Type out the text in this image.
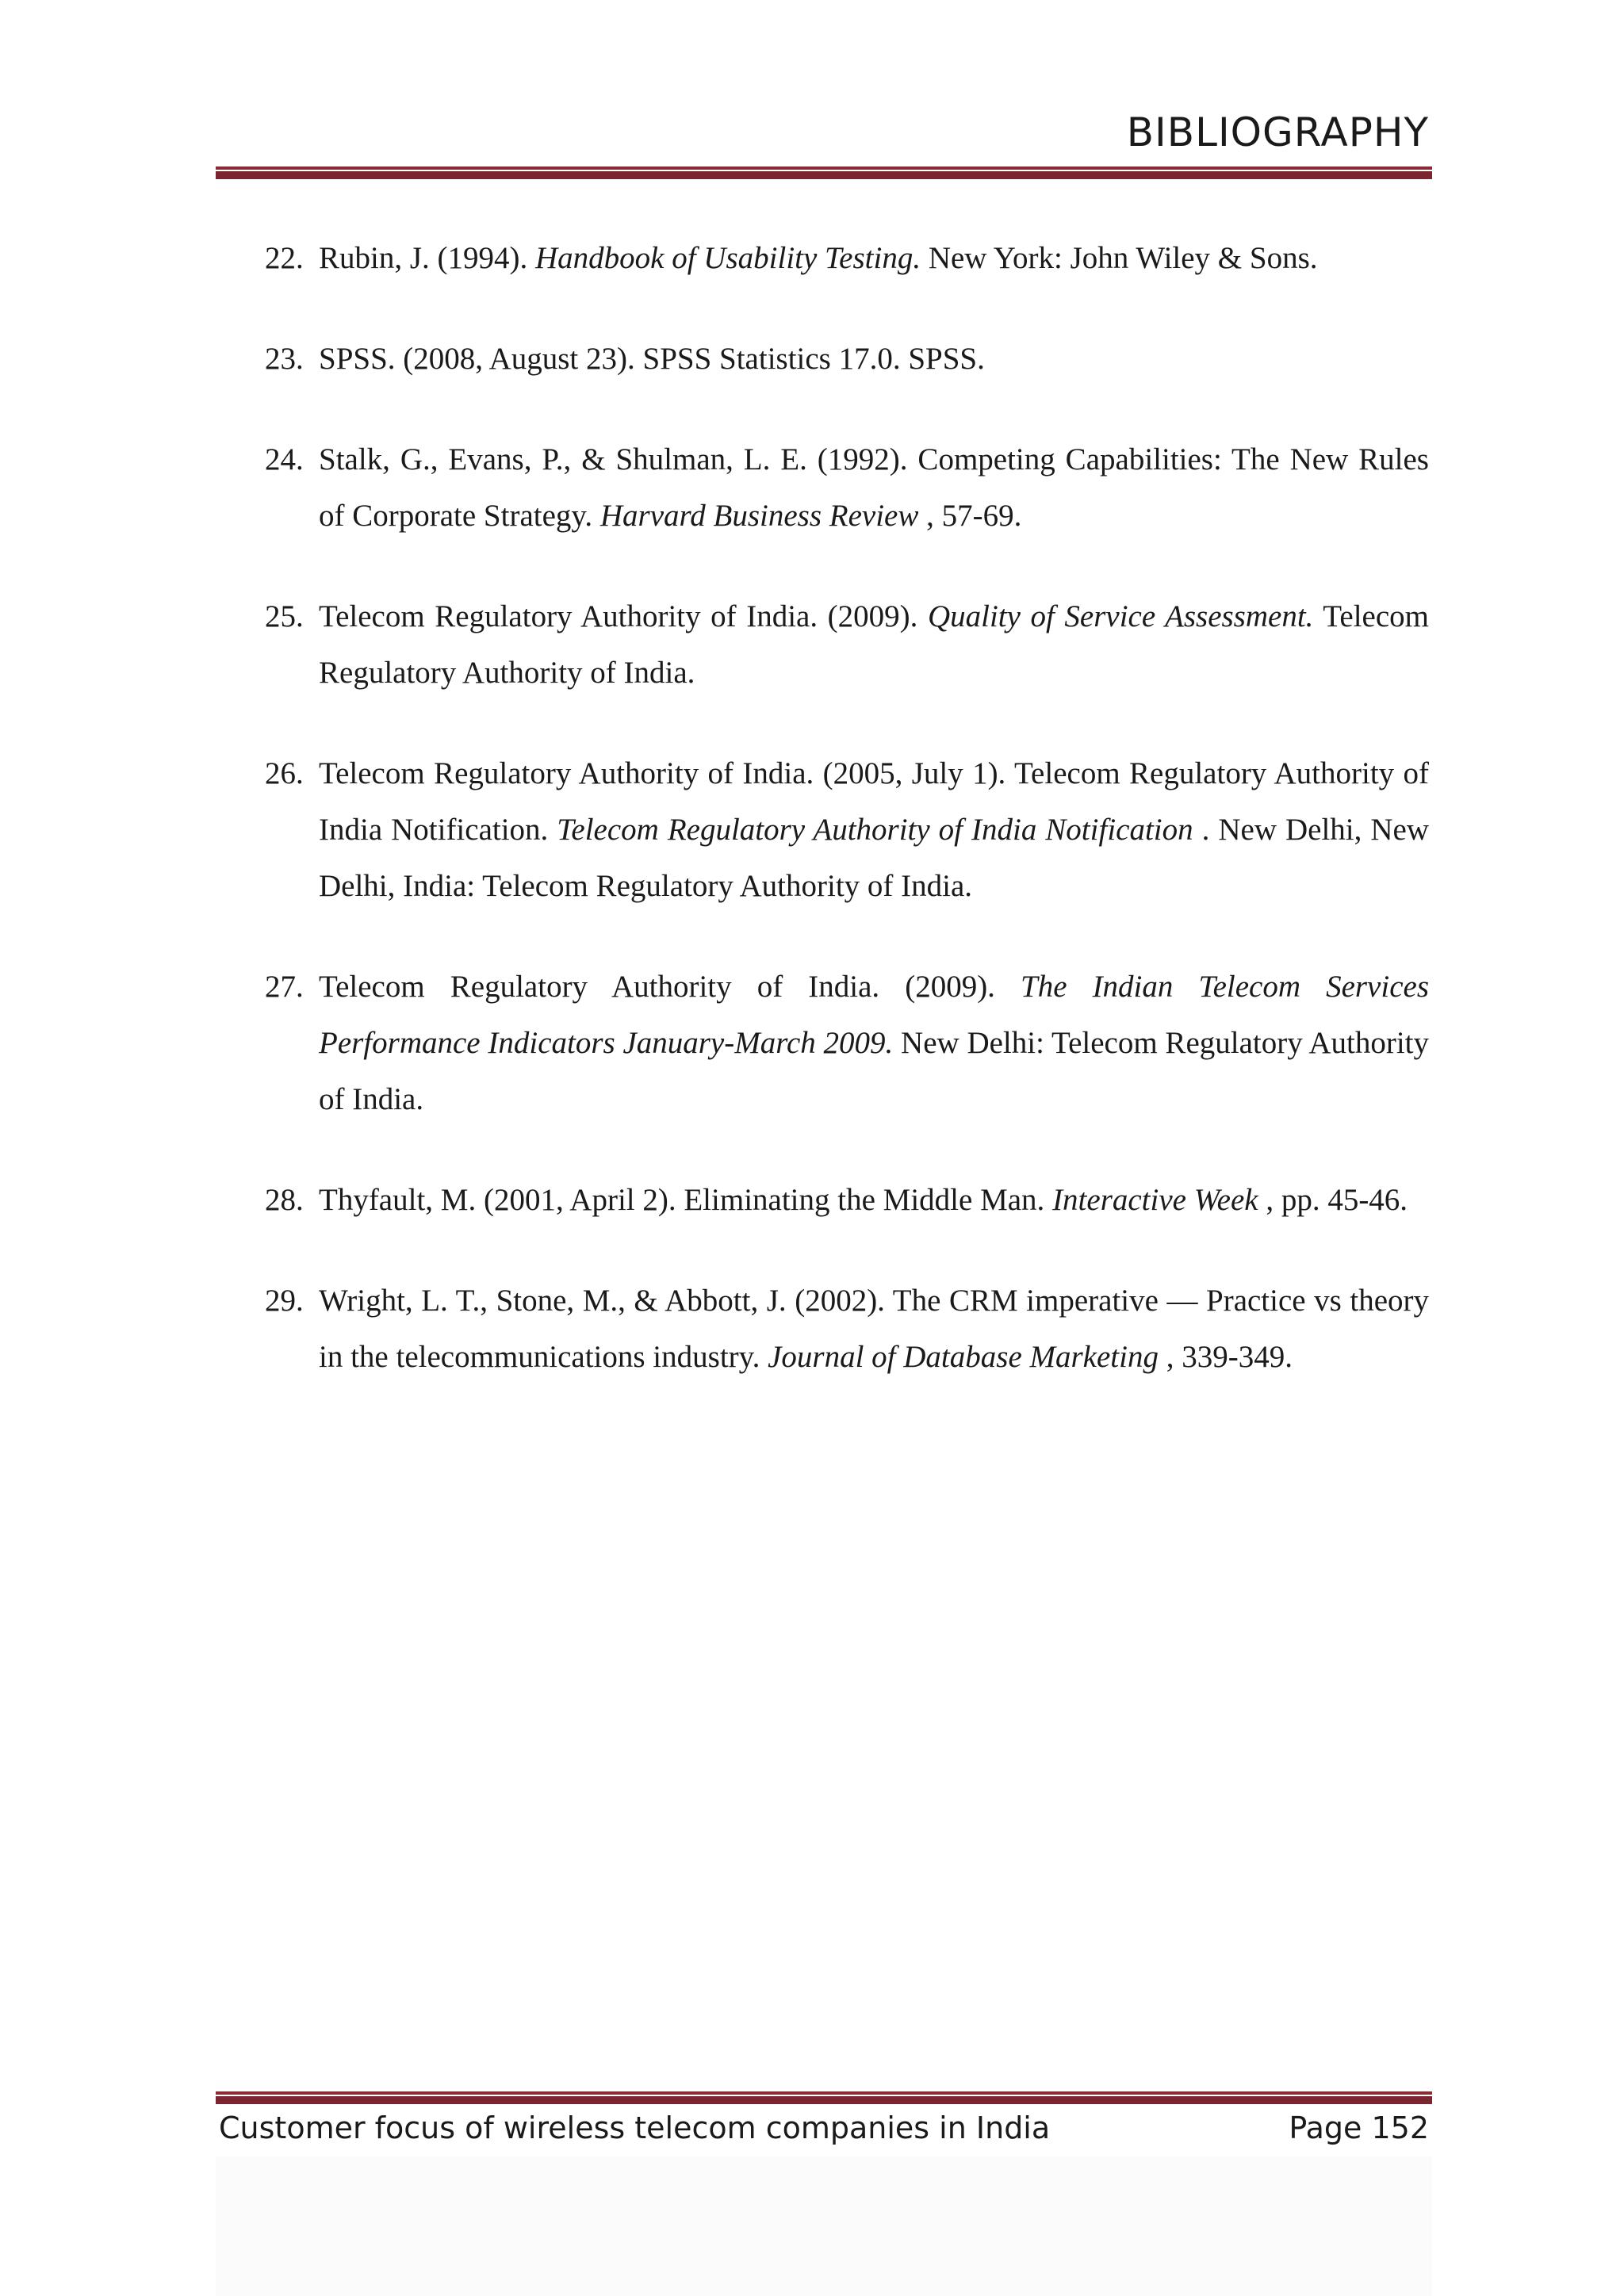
BIBLIOGRAPHY
22. Rubin, J. (1994). Handbook of Usability Testing. New York: John Wiley & Sons.
23. SPSS. (2008, August 23). SPSS Statistics 17.0. SPSS.
24. Stalk, G., Evans, P., & Shulman, L. E. (1992). Competing Capabilities: The New Rules of Corporate Strategy. Harvard Business Review , 57-69.
25. Telecom Regulatory Authority of India. (2009). Quality of Service Assessment. Telecom Regulatory Authority of India.
26. Telecom Regulatory Authority of India. (2005, July 1). Telecom Regulatory Authority of India Notification. Telecom Regulatory Authority of India Notification . New Delhi, New Delhi, India: Telecom Regulatory Authority of India.
27. Telecom Regulatory Authority of India. (2009). The Indian Telecom Services Performance Indicators January-March 2009. New Delhi: Telecom Regulatory Authority of India.
28. Thyfault, M. (2001, April 2). Eliminating the Middle Man. Interactive Week , pp. 45-46.
29. Wright, L. T., Stone, M., & Abbott, J. (2002). The CRM imperative — Practice vs theory in the telecommunications industry. Journal of Database Marketing , 339-349.
Customer focus of wireless telecom companies in India	Page 152
